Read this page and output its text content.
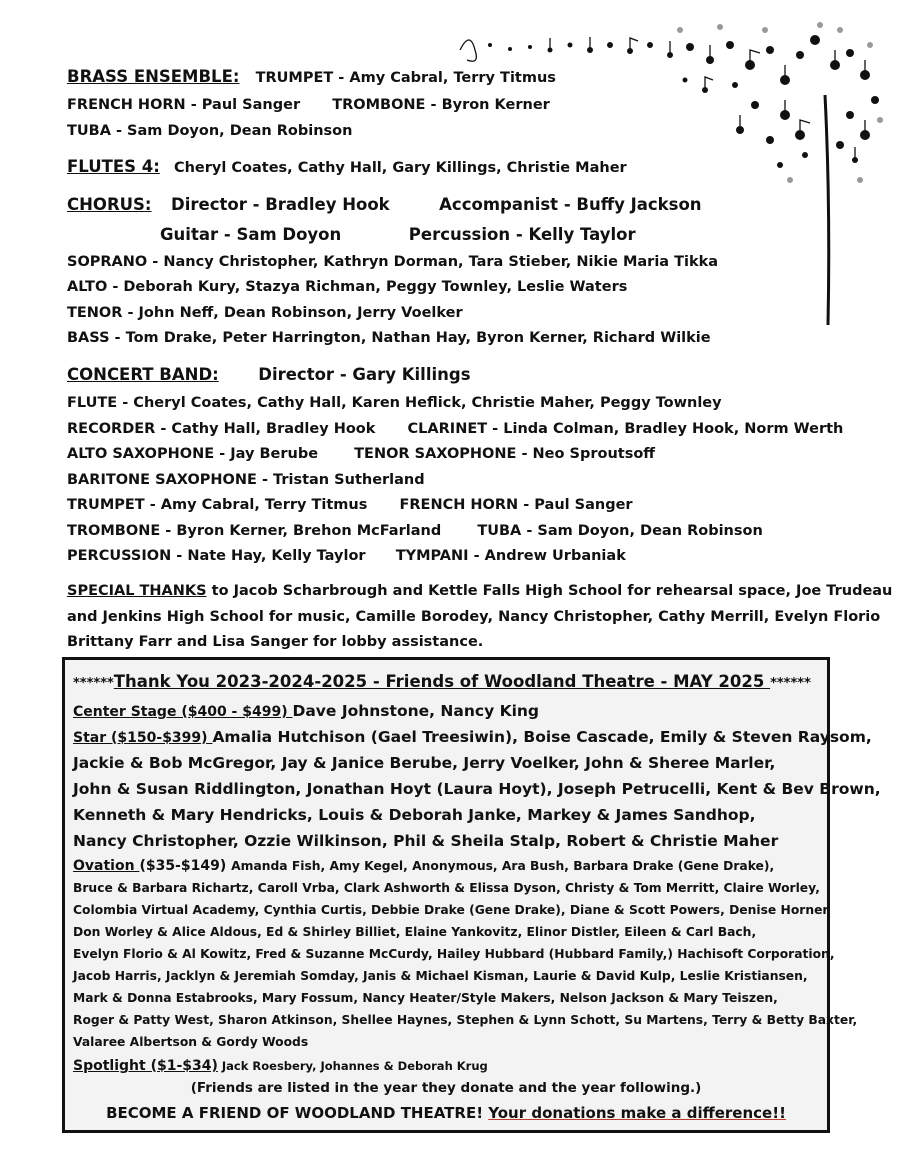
BRASS ENSEMBLE: TRUMPET - Amy Cabral, Terry Titmus
FRENCH HORN - Paul Sanger TROMBONE - Byron Kerner
TUBA - Sam Doyon, Dean Robinson
FLUTES 4: Cheryl Coates, Cathy Hall, Gary Killings, Christie Maher
CHORUS: Director - Bradley Hook	Accompanist - Buffy Jackson
Guitar - Sam Doyon	Percussion - Kelly Taylor
SOPRANO - Nancy Christopher, Kathryn Dorman, Tara Stieber, Nikie Maria Tikka
ALTO - Deborah Kury, Stazya Richman, Peggy Townley, Leslie Waters
TENOR - John Neff, Dean Robinson, Jerry Voelker
BASS - Tom Drake, Peter Harrington, Nathan Hay, Byron Kerner, Richard Wilkie
CONCERT BAND: Director - Gary Killings
FLUTE - Cheryl Coates, Cathy Hall, Karen Heflick, Christie Maher, Peggy Townley
RECORDER - Cathy Hall, Bradley Hook CLARINET - Linda Colman, Bradley Hook, Norm Werth
ALTO SAXOPHONE - Jay Berube TENOR SAXOPHONE - Neo Sproutsoff
BARITONE SAXOPHONE - Tristan Sutherland
TRUMPET - Amy Cabral, Terry Titmus FRENCH HORN - Paul Sanger
TROMBONE - Byron Kerner, Brehon McFarland TUBA - Sam Doyon, Dean Robinson
PERCUSSION - Nate Hay, Kelly Taylor TYMPANI - Andrew Urbaniak
SPECIAL THANKS to Jacob Scharbrough and Kettle Falls High School for rehearsal space, Joe Trudeau
and Jenkins High School for music, Camille Borodey, Nancy Christopher, Cathy Merrill, Evelyn Florio
Brittany Farr and Lisa Sanger for lobby assistance.
******Thank You 2023-2024-2025 - Friends of Woodland Theatre - MAY 2025 ******
Center Stage ($400 - $499) Dave Johnstone, Nancy King
Star ($150-$399) Amalia Hutchison (Gael Treesiwin), Boise Cascade, Emily & Steven Raysom,
Jackie & Bob McGregor, Jay & Janice Berube, Jerry Voelker, John & Sheree Marler,
John & Susan Riddlington, Jonathan Hoyt (Laura Hoyt), Joseph Petrucelli, Kent & Bev Brown,
Kenneth & Mary Hendricks, Louis & Deborah Janke, Markey & James Sandhop,
Nancy Christopher, Ozzie Wilkinson, Phil & Sheila Stalp, Robert & Christie Maher
Ovation ($35-$149) Amanda Fish, Amy Kegel, Anonymous, Ara Bush, Barbara Drake (Gene Drake),
Bruce & Barbara Richartz, Caroll Vrba, Clark Ashworth & Elissa Dyson, Christy & Tom Merritt, Claire Worley,
Colombia Virtual Academy, Cynthia Curtis, Debbie Drake (Gene Drake), Diane & Scott Powers, Denise Horner,
Don Worley & Alice Aldous, Ed & Shirley Billiet, Elaine Yankovitz, Elinor Distler, Eileen & Carl Bach,
Evelyn Florio & Al Kowitz, Fred & Suzanne McCurdy, Hailey Hubbard (Hubbard Family,) Hachisoft Corporation,
Jacob Harris, Jacklyn & Jeremiah Somday, Janis & Michael Kisman, Laurie & David Kulp, Leslie Kristiansen,
Mark & Donna Estabrooks, Mary Fossum, Nancy Heater/Style Makers, Nelson Jackson & Mary Teiszen,
Roger & Patty West, Sharon Atkinson, Shellee Haynes, Stephen & Lynn Schott, Su Martens, Terry & Betty Baxter,
Valaree Albertson & Gordy Woods
Spotlight ($1-$34) Jack Roesbery, Johannes & Deborah Krug
(Friends are listed in the year they donate and the year following.)
BECOME A FRIEND OF WOODLAND THEATRE! Your donations make a difference!!
